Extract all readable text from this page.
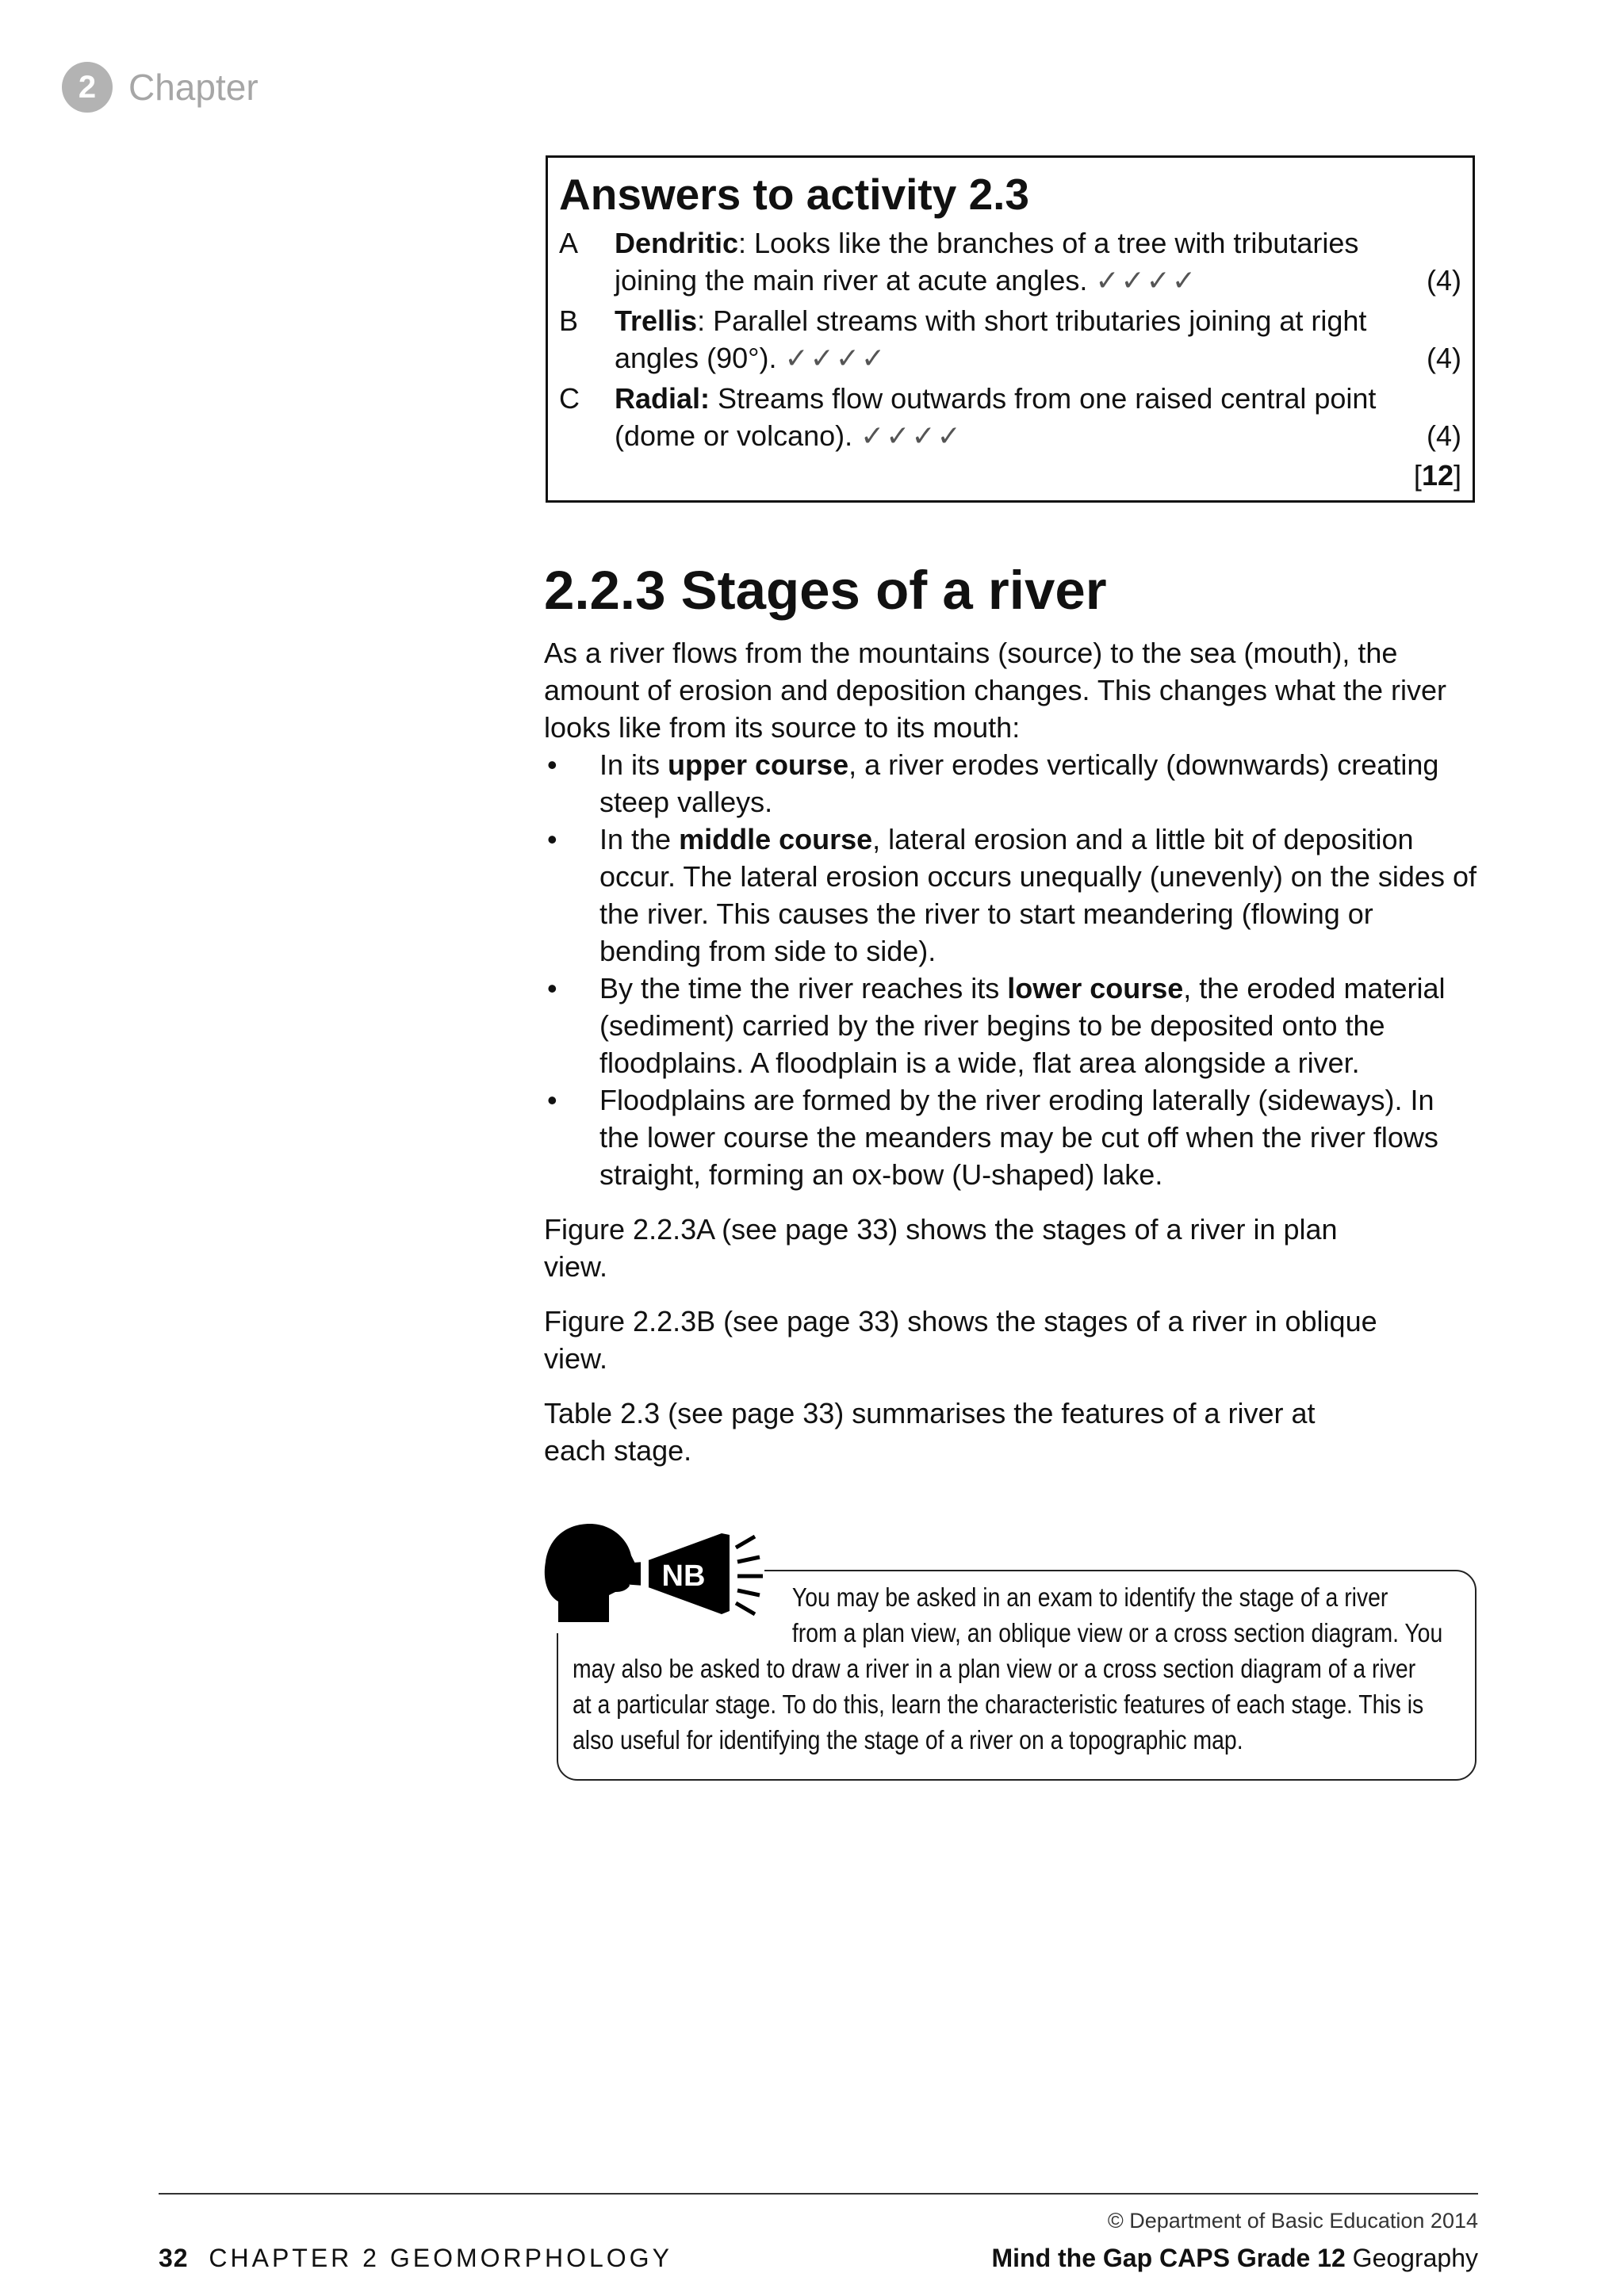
2 Chapter
Answers to activity 2.3
A	Dendritic: Looks like the branches of a tree with tributaries
joining the main river at acute angles. ✓✓✓✓	(4)
B	Trellis: Parallel streams with short tributaries joining at right
angles (90°). ✓✓✓✓	(4)
C	Radial: Streams flow outwards from one raised central point
(dome or volcano). ✓✓✓✓	(4)
[12]
2.2.3 Stages of a river

As a river flows from the mountains (source) to the sea (mouth), the amount of erosion and deposition changes. This changes what the river looks like from its source to its mouth:

• In its upper course, a river erodes vertically (downwards) creating steep valleys.
• In the middle course, lateral erosion and a little bit of deposition occur. The lateral erosion occurs unequally (unevenly) on the sides of the river. This causes the river to start meandering (flowing or bending from side to side).
• By the time the river reaches its lower course, the eroded material (sediment) carried by the river begins to be deposited onto the floodplains. A floodplain is a wide, flat area alongside a river.
• Floodplains are formed by the river eroding laterally (sideways). In the lower course the meanders may be cut off when the river flows straight, forming an ox-bow (U-shaped) lake.

Figure 2.2.3A (see page 33) shows the stages of a river in plan
view.

Figure 2.2.3B (see page 33) shows the stages of a river in oblique
view.

Table 2.3 (see page 33) summarises the features of a river at
each stage.

NB
You may be asked in an exam to identify the stage of a river
from a plan view, an oblique view or a cross section diagram. You
may also be asked to draw a river in a plan view or a cross section diagram of a river
at a particular stage. To do this, learn the characteristic features of each stage. This is
also useful for identifying the stage of a river on a topographic map.
© Department of Basic Education 2014
32 CHAPTER 2 GEOMORPHOLOGY	Mind the Gap CAPS Grade 12 Geography
